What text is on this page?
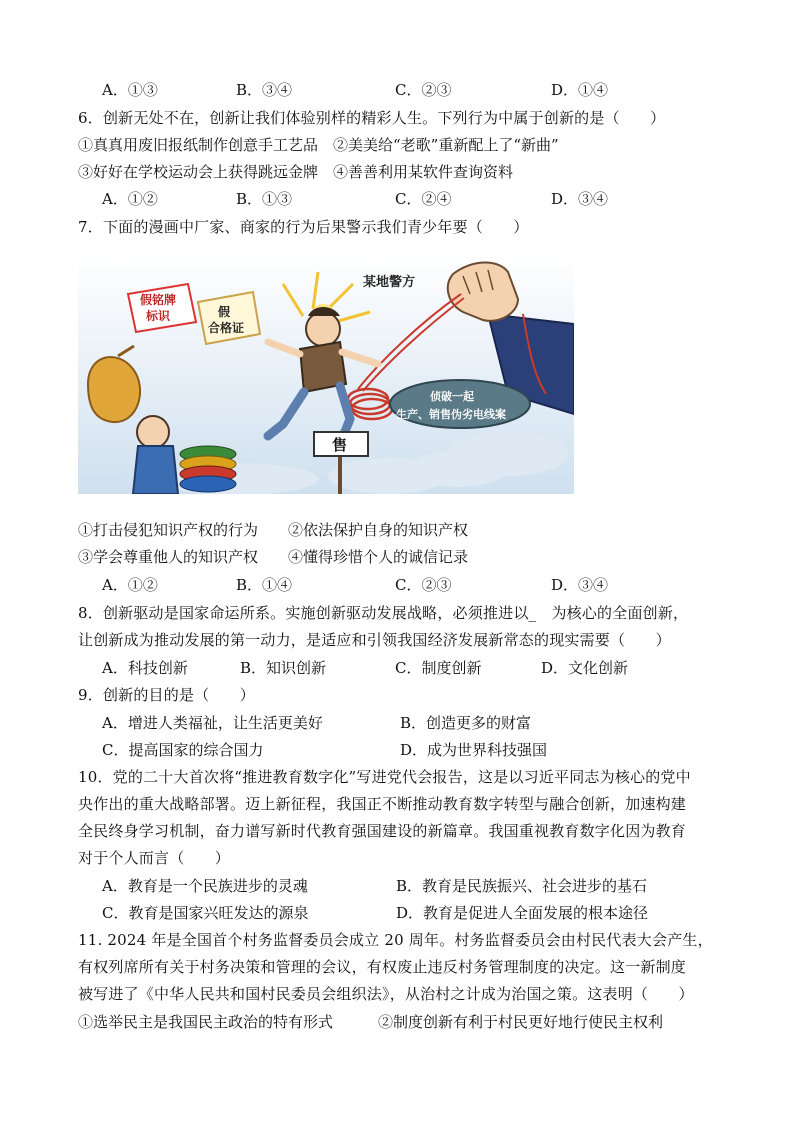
A．①③	B．③④	C．②③	D．①④
6．创新无处不在，创新让我们体验别样的精彩人生。下列行为中属于创新的是（　　）
①真真用废旧报纸制作创意手工艺品　②美美给“老歌”重新配上了“新曲”
③好好在学校运动会上获得跳远金牌　④善善利用某软件查询资料
A．①②	B．①③	C．②④	D．③④
7．下面的漫画中厂家、商家的行为后果警示我们青少年要（　　）
某地警方
假铭牌
标识	假
合格证
售
侦破一起
生产、销售伪劣电线案
①打击侵犯知识产权的行为　　②依法保护自身的知识产权
③学会尊重他人的知识产权　　④懂得珍惜个人的诚信记录
A．①②	B．①④	C．②③	D．③④
8．创新驱动是国家命运所系。实施创新驱动发展战略，必须推进以_　为核心的全面创新，
让创新成为推动发展的第一动力，是适应和引领我国经济发展新常态的现实需要（　　）
A．科技创新	B．知识创新	C．制度创新	D．文化创新
9．创新的目的是（　　）
A．增进人类福祉，让生活更美好	B．创造更多的财富
C．提高国家的综合国力	D．成为世界科技强国
10．党的二十大首次将“推进教育数字化”写进党代会报告，这是以习近平同志为核心的党中
央作出的重大战略部署。迈上新征程，我国正不断推动教育数字转型与融合创新，加速构建
全民终身学习机制，奋力谱写新时代教育强国建设的新篇章。我国重视教育数字化因为教育
对于个人而言（　　）
A．教育是一个民族进步的灵魂	B．教育是民族振兴、社会进步的基石
C．教育是国家兴旺发达的源泉	D．教育是促进人全面发展的根本途径
11. 2024 年是全国首个村务监督委员会成立 20 周年。村务监督委员会由村民代表大会产生，
有权列席所有关于村务决策和管理的会议，有权废止违反村务管理制度的决定。这一新制度
被写进了《中华人民共和国村民委员会组织法》，从治村之计成为治国之策。这表明（　　）
①选举民主是我国民主政治的特有形式　　　②制度创新有利于村民更好地行使民主权利
